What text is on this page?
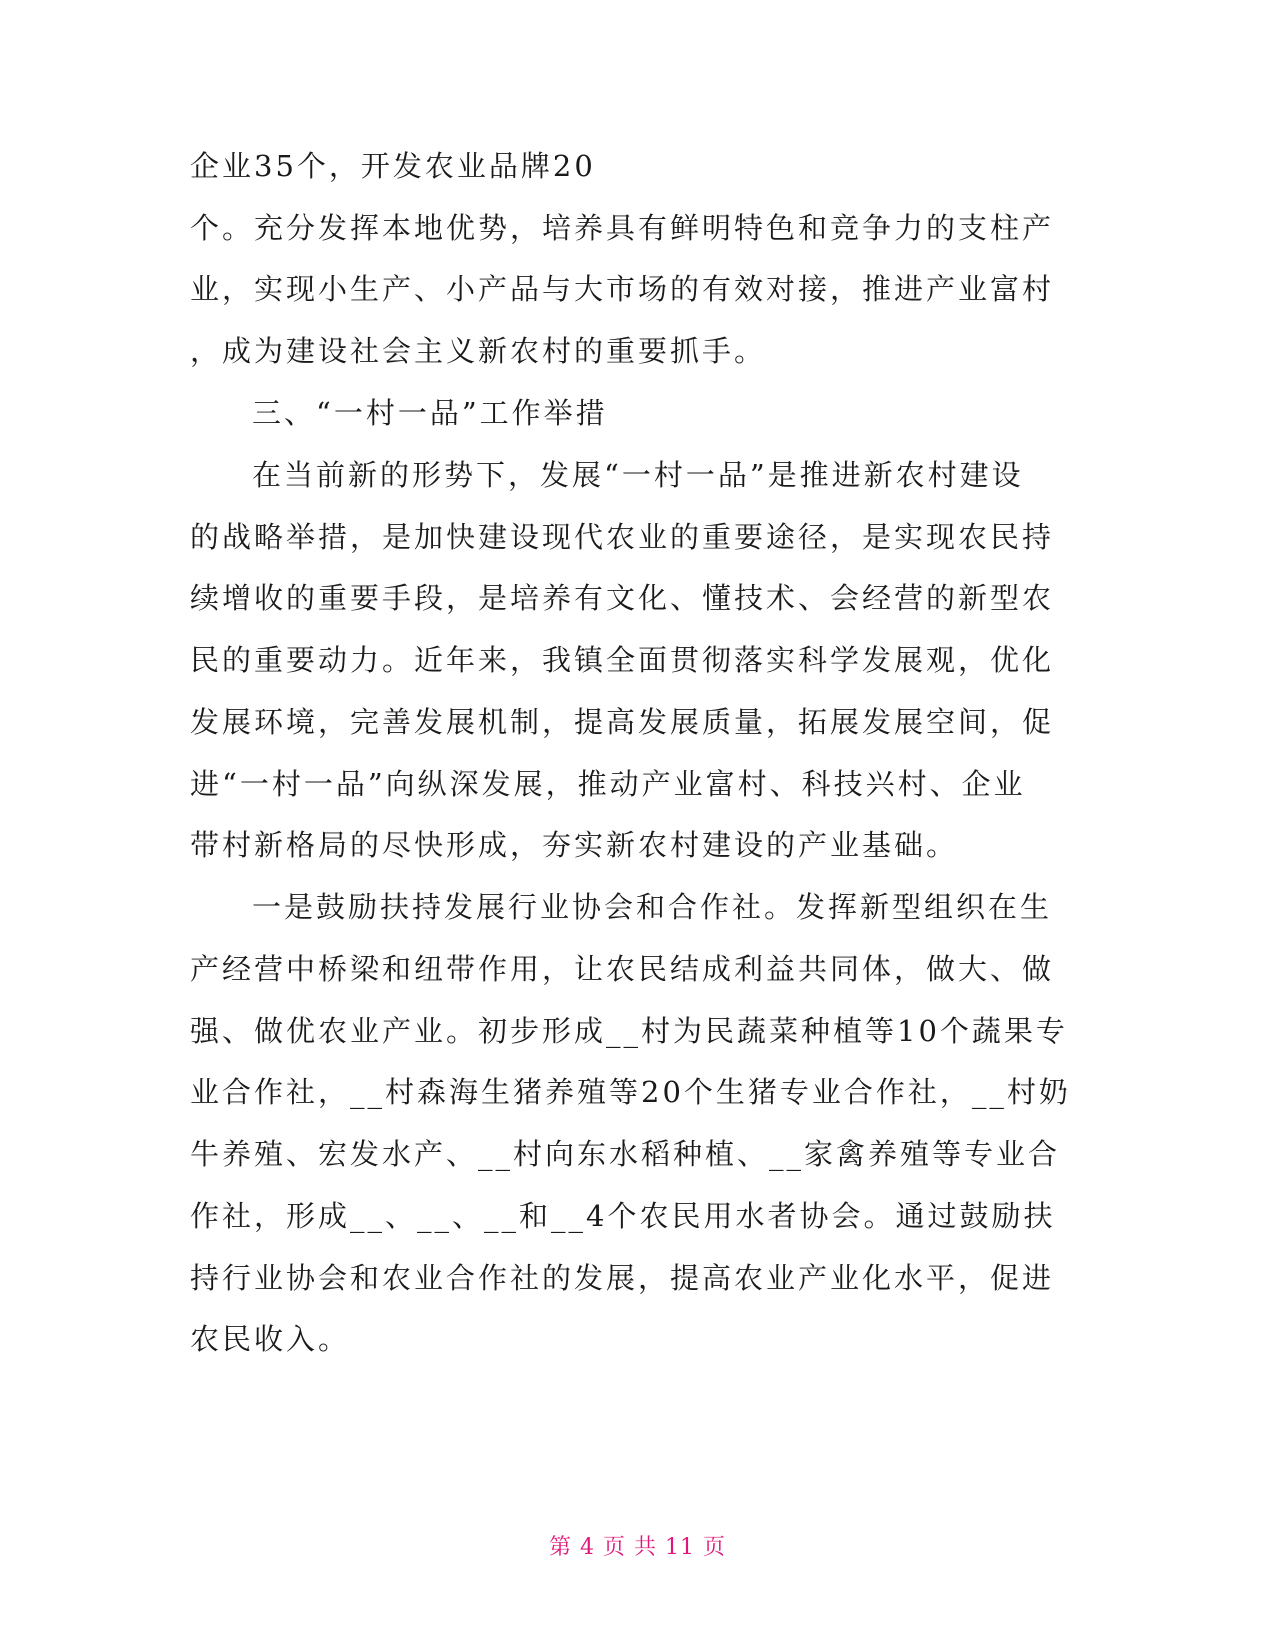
企业35个，开发农业品牌20
个。充分发挥本地优势，培养具有鲜明特色和竞争力的支柱产
业，实现小生产、小产品与大市场的有效对接，推进产业富村
，成为建设社会主义新农村的重要抓手。
三、“一村一品”工作举措
在当前新的形势下，发展“一村一品”是推进新农村建设
的战略举措，是加快建设现代农业的重要途径，是实现农民持
续增收的重要手段，是培养有文化、懂技术、会经营的新型农
民的重要动力。近年来，我镇全面贯彻落实科学发展观，优化
发展环境，完善发展机制，提高发展质量，拓展发展空间，促
进“一村一品”向纵深发展，推动产业富村、科技兴村、企业
带村新格局的尽快形成，夯实新农村建设的产业基础。
一是鼓励扶持发展行业协会和合作社。发挥新型组织在生
产经营中桥梁和纽带作用，让农民结成利益共同体，做大、做
强、做优农业产业。初步形成__村为民蔬菜种植等10个蔬果专
业合作社，__村森海生猪养殖等20个生猪专业合作社，__村奶
牛养殖、宏发水产、__村向东水稻种植、__家禽养殖等专业合
作社，形成__、__、__和__4个农民用水者协会。通过鼓励扶
持行业协会和农业合作社的发展，提高农业产业化水平，促进
农民收入。
第 4 页 共 11 页
